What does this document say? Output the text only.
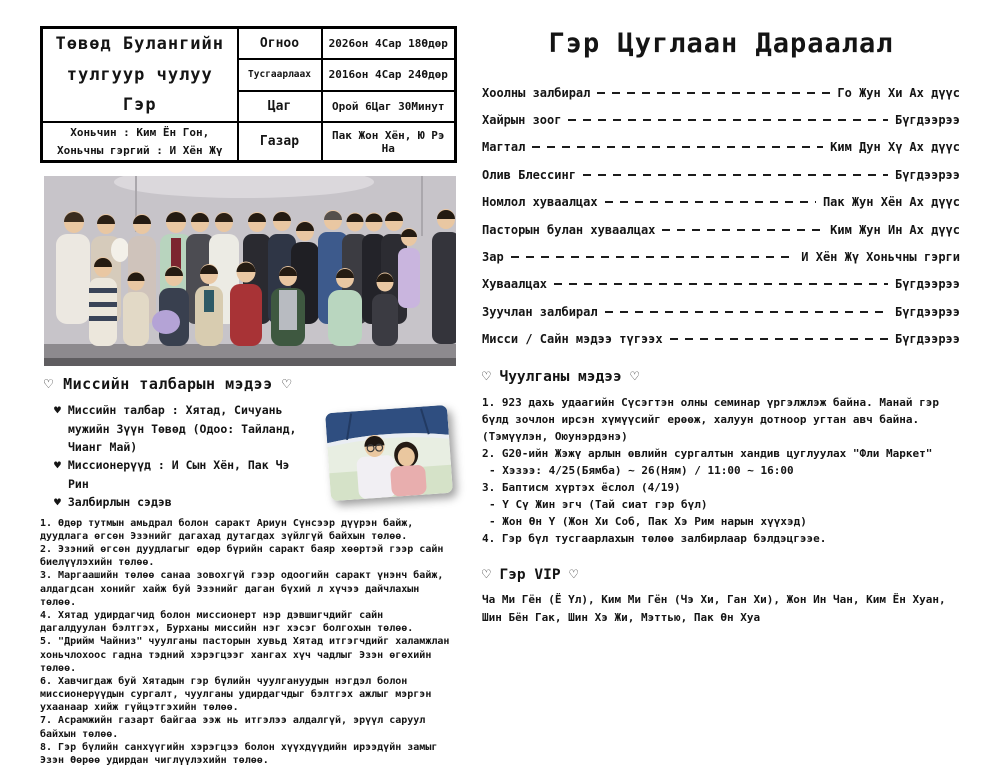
Төвөд Булангийн
тулгуур чулуу Гэр	Огноо	2026он 4Сар 18Өдөр
	Тусгаарлаах	2016он 4Сар 24Өдөр
	Цаг	Орой 6Цаг 30Минут

Хоньчин : Ким Ён Гон,
Хоньчны гэргий : И Хён Жү	Газар	Пак Жон Хён, Ю Рэ На
♡ Миссийн талбарын мэдээ ♡

♥ Миссийн талбар : Хятад, Сичуань мужийн Зүүн Төвөд (Одоо: Тайланд, Чианг Май)

♥ Миссионерүүд : И Сын Хён, Пак Чэ Рин

♥ Залбирлын сэдэв

1. Өдөр тутмын амьдрал болон саракт Ариун Сүнсээр дүүрэн байж, дуудлага өгсөн Эзэнийг дагахад дутагдах зүйлгүй байхын төлөө.

2. Эзэний өгсөн дуудлагыг өдөр бүрийн саракт баяр хөөртэй гээр сайн биелүүлэхийн төлөө.

3. Маргаашийн төлөө санаа зовохгүй гээр одоогийн саракт үнэнч байж, алдагдсан хонийг хайж буй Эзэнийг даган бүхий л хүчээ дайчлахын төлөө.

4. Хятад удирдагчид болон миссионерт нэр дэвшигчдийг сайн дагалдуулан бэлтгэх, Бурханы миссийн нэг хэсэг болгохын төлөө.

5. "Дрийм Чайниз" чуулганы пасторын хувьд Хятад итгэгчдийг халамжлан хоньчлохоос гадна тэдний хэрэгцээг хангах хүч чадлыг Эзэн өгөхийн төлөө.

6. Хавчигдаж буй Хятадын гэр бүлийн чуулгануудын нэгдэл болон миссионерүүдын сургалт, чуулганы удирдагчдыг бэлтгэх ажлыг мэргэн ухаанаар хийж гүйцэтгэхийн төлөө.

7. Асрамжийн газарт байгаа ээж нь итгэлээ алдалгүй, эрүүл саруул байхын төлөө.

8. Гэр бүлийн санхүүгийн хэрэгцээ болон хүүхдүүдийн ирээдүйн замыг Эзэн Өөрөө удирдан чиглүүлэхийн төлөө.

Гэр Цуглаан Дараалал
Хоолны залбирал	Го Жун Хи Ах дүүс
Хайрын зоог	Бүгдээрээ
Магтал	Ким Дун Хү Ах дүүс
Олив Блессинг	Бүгдээрээ
Номлол хуваалцах	Пак Жун Хён Ах дүүс
Пасторын булан хуваалцах	Ким Жун Ин Ах дүүс
Зар	И Хён Жү Хоньчны гэрги
Хуваалцах	Бүгдээрээ
Зуучлан залбирал	Бүгдээрээ
Мисси / Сайн мэдээ түгээх	Бүгдээрээ
♡ Чуулганы мэдээ ♡

1. 923 дахь удаагийн Сүсэгтэн олны семинар үргэлжлэж байна. Манай гэр бүлд зочлон ирсэн хүмүүсийг ерөөж, халуун дотноор угтан авч байна. (Тэмүүлэн, Оюунэрдэнэ)

2. G20-ийн Жэжү арлын өвлийн сургалтын хандив цуглуулах "Фли Маркет"

- Хэзээ: 4/25(Бямба) ~ 26(Ням) / 11:00 ~ 16:00

3. Баптисм хүртэх ёслол (4/19)

- Ү Сү Жин эгч (Тай сиат гэр бүл)

- Жон Өн Ү (Жон Хи Соб, Пак Хэ Рим нарын хүүхэд)

4. Гэр бүл тусгаарлахын төлөө залбирлаар бэлдэцгээе.

♡ Гэр VIP ♡
Ча Ми Гён (Ё Үл), Ким Ми Гён (Чэ Хи, Ган Хи), Жон Ин Чан, Ким Ён Хуан, Шин Бён Гак, Шин Хэ Жи, Мэттью, Пак Өн Хуа
